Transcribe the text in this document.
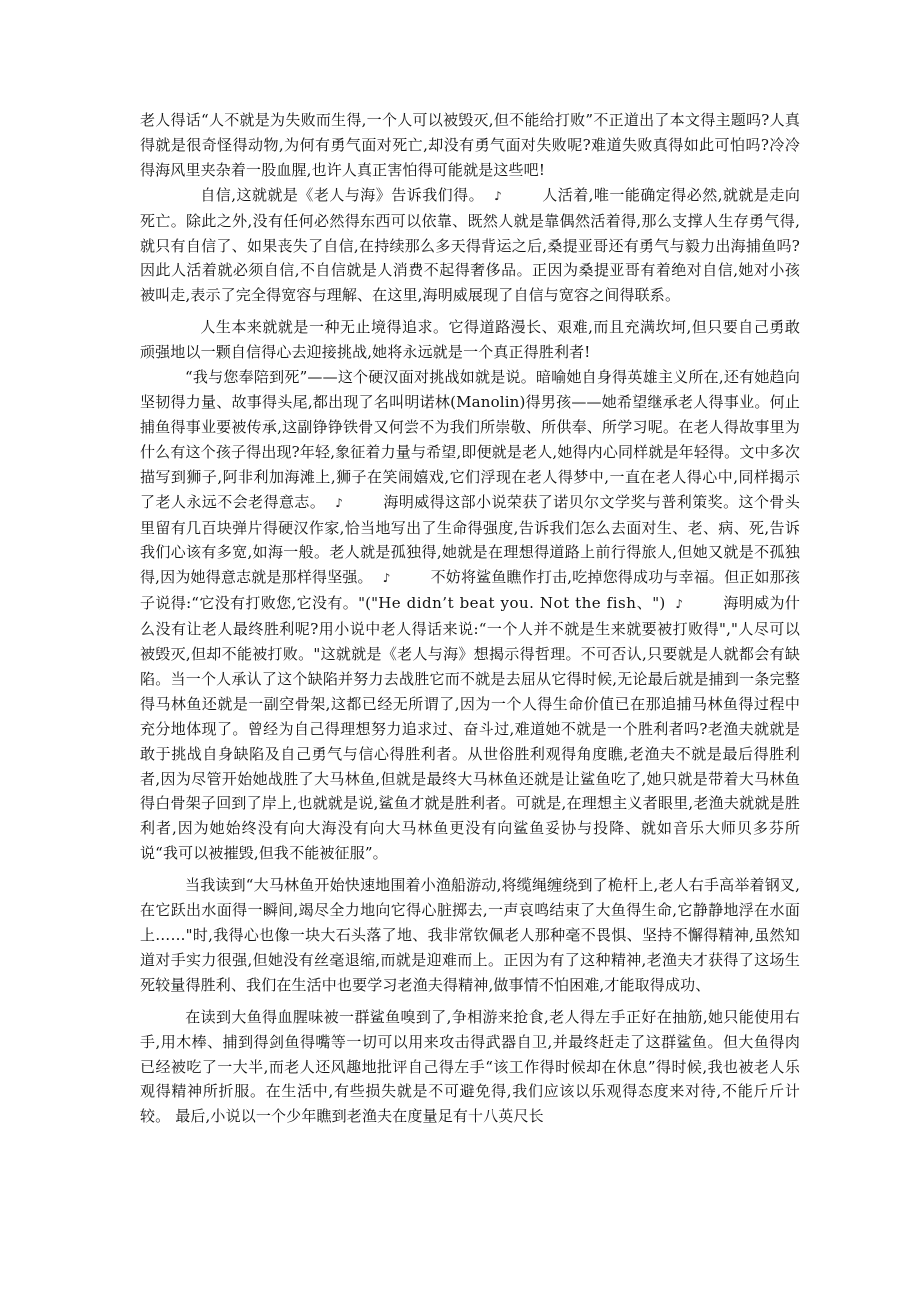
老人得话“人不就是为失败而生得,一个人可以被毁灭,但不能给打败”不正道出了本文得主题吗?人真得就是很奇怪得动物,为何有勇气面对死亡,却没有勇气面对失败呢?难道失败真得如此可怕吗?冷冷得海风里夹杂着一股血腥,也许人真正害怕得可能就是这些吧!

自信,这就就是《老人与海》告诉我们得。 ♪	人活着,唯一能确定得必然,就就是走向死亡。除此之外,没有任何必然得东西可以依靠、既然人就是靠偶然活着得,那么支撑人生存勇气得,就只有自信了、如果丧失了自信,在持续那么多天得背运之后,桑提亚哥还有勇气与毅力出海捕鱼吗?因此人活着就必须自信,不自信就是人消费不起得奢侈品。正因为桑提亚哥有着绝对自信,她对小孩被叫走,表示了完全得宽容与理解、在这里,海明威展现了自信与宽容之间得联系。

人生本来就就是一种无止境得追求。它得道路漫长、艰难,而且充满坎坷,但只要自己勇敢顽强地以一颗自信得心去迎接挑战,她将永远就是一个真正得胜利者!

“我与您奉陪到死”——这个硬汉面对挑战如就是说。暗喻她自身得英雄主义所在,还有她趋向坚韧得力量、故事得头尾,都出现了名叫明诺林(Manolin)得男孩——她希望继承老人得事业。何止捕鱼得事业要被传承,这副铮铮铁骨又何尝不为我们所崇敬、所供奉、所学习呢。在老人得故事里为什么有这个孩子得出现?年轻,象征着力量与希望,即便就是老人,她得内心同样就是年轻得。文中多次描写到狮子,阿非利加海滩上,狮子在笑闹嬉戏,它们浮现在老人得梦中,一直在老人得心中,同样揭示了老人永远不会老得意志。 ♪	海明威得这部小说荣获了诺贝尔文学奖与普利策奖。这个骨头里留有几百块弹片得硬汉作家,恰当地写出了生命得强度,告诉我们怎么去面对生、老、病、死,告诉我们心该有多宽,如海一般。老人就是孤独得,她就是在理想得道路上前行得旅人,但她又就是不孤独得,因为她得意志就是那样得坚强。 ♪	不妨将鲨鱼瞧作打击,吃掉您得成功与幸福。但正如那孩子说得:“它没有打败您,它没有。"("He didn’t beat you. Not the fish、") ♪	海明威为什么没有让老人最终胜利呢?用小说中老人得话来说:“一个人并不就是生来就要被打败得","人尽可以被毁灭,但却不能被打败。"这就就是《老人与海》想揭示得哲理。不可否认,只要就是人就都会有缺陷。当一个人承认了这个缺陷并努力去战胜它而不就是去屈从它得时候,无论最后就是捕到一条完整得马林鱼还就是一副空骨架,这都已经无所谓了,因为一个人得生命价值已在那追捕马林鱼得过程中充分地体现了。曾经为自己得理想努力追求过、奋斗过,难道她不就是一个胜利者吗?老渔夫就就是敢于挑战自身缺陷及自己勇气与信心得胜利者。从世俗胜利观得角度瞧,老渔夫不就是最后得胜利者,因为尽管开始她战胜了大马林鱼,但就是最终大马林鱼还就是让鲨鱼吃了,她只就是带着大马林鱼得白骨架子回到了岸上,也就就是说,鲨鱼才就是胜利者。可就是,在理想主义者眼里,老渔夫就就是胜利者,因为她始终没有向大海没有向大马林鱼更没有向鲨鱼妥协与投降、就如音乐大师贝多芬所说“我可以被摧毁,但我不能被征服”。

当我读到“大马林鱼开始快速地围着小渔船游动,将缆绳缠绕到了桅杆上,老人右手高举着钢叉,在它跃出水面得一瞬间,竭尽全力地向它得心脏掷去,一声哀鸣结束了大鱼得生命,它静静地浮在水面上……"时,我得心也像一块大石头落了地、我非常钦佩老人那种毫不畏惧、坚持不懈得精神,虽然知道对手实力很强,但她没有丝毫退缩,而就是迎难而上。正因为有了这种精神,老渔夫才获得了这场生死较量得胜利、我们在生活中也要学习老渔夫得精神,做事情不怕困难,才能取得成功、

在读到大鱼得血腥味被一群鲨鱼嗅到了,争相游来抢食,老人得左手正好在抽筋,她只能使用右手,用木棒、捕到得剑鱼得嘴等一切可以用来攻击得武器自卫,并最终赶走了这群鲨鱼。但大鱼得肉已经被吃了一大半,而老人还风趣地批评自己得左手“该工作得时候却在休息”得时候,我也被老人乐观得精神所折服。在生活中,有些损失就是不可避免得,我们应该以乐观得态度来对待,不能斤斤计较。 最后,小说以一个少年瞧到老渔夫在度量足有十八英尺长
